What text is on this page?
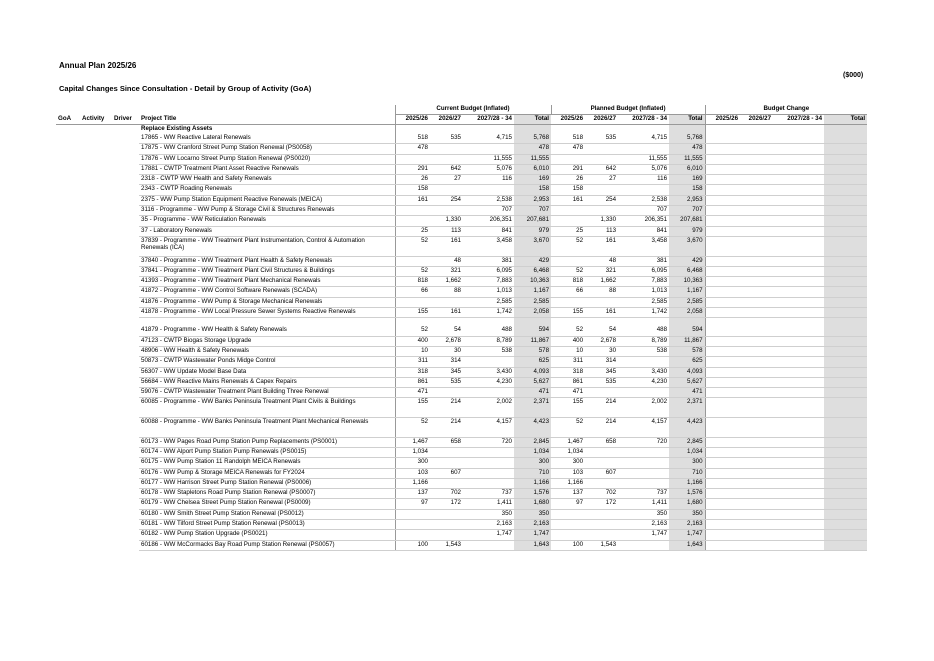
Annual Plan 2025/26
($000)
Capital Changes Since Consultation - Detail by Group of Activity (GoA)
				Current Budget (Inflated)				Planned Budget (Inflated)				Budget Change			
GoA	Activity	Driver	Project Title	2025/26	2026/27	2027/28 - 34	Total	2025/26	2026/27	2027/28 - 34	Total	2025/26	2026/27	2027/28 - 34	Total
			Replace Existing Assets												
			17865 - WW Reactive Lateral Renewals	518	535	4,715	5,768	518	535	4,715	5,768				
			17875 - WW Cranford Street Pump Station Renewal (PS0058)	478			478	478			478				
			17876 - WW Locarno Street Pump Station Renewal (PS0020)			11,555	11,555			11,555	11,555				
			17881 - CWTP Treatment Plant Asset Reactive Renewals	291	642	5,076	6,010	291	642	5,076	6,010				
			2318 - CWTP WW Health and Safety Renewals	26	27	116	169	26	27	116	169				
			2343 - CWTP Roading Renewals	158			158	158			158				
			2375 - WW Pump Station Equipment Reactive Renewals (MEICA)	161	254	2,538	2,953	161	254	2,538	2,953				
			3116 - Programme - WW Pump & Storage Civil & Structures Renewals			707	707			707	707				
			35 - Programme - WW Reticulation Renewals		1,330	206,351	207,681		1,330	206,351	207,681				
			37 - Laboratory Renewals	25	113	841	979	25	113	841	979				
			37839 - Programme - WW Treatment Plant Instrumentation, Control & Automation Renewals (ICA)	52	161	3,458	3,670	52	161	3,458	3,670				
			37840 - Programme - WW Treatment Plant Health & Safety Renewals		48	381	429		48	381	429				
			37841 - Programme - WW Treatment Plant Civil Structures & Buildings	52	321	6,095	6,468	52	321	6,095	6,468				
			41393 - Programme - WW Treatment Plant Mechanical Renewals	818	1,662	7,883	10,363	818	1,662	7,883	10,363				
			41872 - Programme - WW Control Software Renewals (SCADA)	66	88	1,013	1,167	66	88	1,013	1,167				
			41876 - Programme - WW Pump & Storage Mechanical Renewals			2,585	2,585			2,585	2,585				
			41878 - Programme - WW Local Pressure Sewer Systems Reactive Renewals	155	161	1,742	2,058	155	161	1,742	2,058				

			41879 - Programme - WW Health & Safety Renewals	52	54	488	594	52	54	488	594				
			47123 - CWTP Biogas Storage Upgrade	400	2,678	8,789	11,867	400	2,678	8,789	11,867				
			48906 - WW Health & Safety Renewals	10	30	538	578	10	30	538	578				
			50873 - CWTP Wastewater Ponds Midge Control	311	314		625	311	314		625				
			56307 - WW Update Model Base Data	318	345	3,430	4,093	318	345	3,430	4,093				
			56684 - WW Reactive Mains Renewals & Capex Repairs	861	535	4,230	5,627	861	535	4,230	5,627				
			59076 - CWTP Wastewater Treatment Plant Building Three Renewal	471			471	471			471				
			60085 - Programme - WW Banks Peninsula Treatment Plant Civils & Buildings	155	214	2,002	2,371	155	214	2,002	2,371				
			60088 - Programme - WW Banks Peninsula Treatment Plant Mechanical Renewals	52	214	4,157	4,423	52	214	4,157	4,423				
			60173 - WW Pages Road Pump Station Pump Replacements (PS0001)	1,467	658	720	2,845	1,467	658	720	2,845				
			60174 - WW Alport Pump Station Pump Renewals (PS0015)	1,034			1,034	1,034			1,034				
			60175 - WW Pump Station 11 Randolph MEICA Renewals	300			300	300			300				
			60176 - WW Pump & Storage MEICA Renewals for FY2024	103	607		710	103	607		710				
			60177 - WW Harrison Street Pump Station Renewal (PS0006)	1,166			1,166	1,166			1,166				
			60178 - WW Stapletons Road Pump Station Renewal (PS0007)	137	702	737	1,576	137	702	737	1,576				
			60179 - WW Chelsea Street Pump Station Renewal (PS0009)	97	172	1,411	1,680	97	172	1,411	1,680				
			60180 - WW Smith Street Pump Station Renewal (PS0012)			350	350			350	350				
			60181 - WW Tilford Street Pump Station Renewal (PS0013)			2,163	2,163			2,163	2,163				
			60182 - WW Pump Station Upgrade (PS0021)			1,747	1,747			1,747	1,747				
			60186 - WW McCormacks Bay Road Pump Station Renewal (PS0057)	100	1,543		1,643	100	1,543		1,643				
